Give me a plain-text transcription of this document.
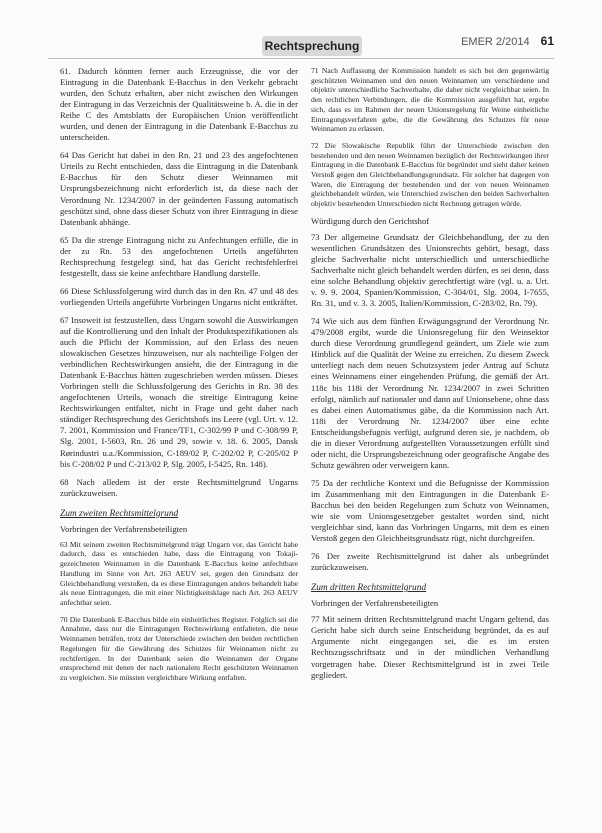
Rechtsprechung	EMER 2/2014 61

61. Dadurch könnten ferner auch Erzeugnisse, die vor der Eintragung in die Datenbank E-Bacchus in den Verkehr gebracht wurden, den Schutz erhalten, aber nicht zwischen den Wirkungen der Eintragung in das Verzeichnis der Qualitätsweine b. A. die in der Reihe C des Amtsblatts der Europäischen Union veröffentlicht wurden, und denen der Eintragung in die Datenbank E-Bacchus zu unterscheiden.

64 Das Gericht hat dabei in den Rn. 21 und 23 des angefochtenen Urteils zu Recht entschieden, dass die Eintragung in die Datenbank E-Bacchus für den Schutz dieser Weinnamen mit Ursprungsbezeichnung nicht erforderlich ist, da diese nach der Verordnung Nr. 1234/2007 in der geänderten Fassung automatisch geschützt sind, ohne dass dieser Schutz von ihrer Eintragung in diese Datenbank abhänge.

65 Da die strenge Eintragung nicht zu Anfechtungen erfülle, die in der zu Rn. 53 des angefochtenen Urteils angeführten Rechtsprechung festgelegt sind, hat das Gericht rechtsfehlerfrei festgestellt, dass sie keine anfechtbare Handlung darstelle.

66 Diese Schlussfolgerung wird durch das in den Rn. 47 und 48 des vorliegenden Urteils angeführte Vorbringen Ungarns nicht entkräftet.

67 Insoweit ist festzustellen, dass Ungarn sowohl die Auswirkungen auf die Kontrollierung und den Inhalt der Produktspezifikationen als auch die Pflicht der Kommission, auf den Erlass des neuen slowakischen Gesetzes hinzuweisen, nur als nachteilige Folgen der verbindlichen Rechtswirkungen ansieht, die der Eintragung in die Datenbank E-Bacchus hätten zugeschrieben werden müssen. Dieses Vorbringen stellt die Schlussfolgerung des Gerichts in Rn. 38 des angefochtenen Urteils, wonach die streitige Eintragung keine Rechtswirkungen entfaltet, nicht in Frage und geht daher nach ständiger Rechtsprechung des Gerichtshofs ins Leere (vgl. Urt. v. 12. 7. 2001, Kommission und France/TF1, C-302/99 P und C-308/99 P, Slg. 2001, I-5603, Rn. 26 und 29, sowie v. 18. 6. 2005, Dansk Rørindustri u.a./Kommission, C-189/02 P, C-202/02 P, C-205/02 P bis C-208/02 P und C-213/02 P, Slg. 2005, I-5425, Rn. 148).

68 Nach alledem ist der erste Rechtsmittelgrund Ungarns zurückzuweisen.

Zum zweiten Rechtsmittelgrund
Vorbringen der Verfahrensbeteiligten

63 Mit seinem zweiten Rechtsmittelgrund trägt Ungarn vor, das Gericht habe dadurch, dass es entschieden habe, dass die Eintragung von Tokaji-gezeichneten Weinnamen in die Datenbank E-Bacchus keine anfechtbare Handlung im Sinne von Art. 263 AEUV sei, gegen den Grundsatz der Gleichbehandlung verstoßen, da es diese Eintragungen anders behandelt habe als neue Eintragungen, die mit einer Nichtigkeitsklage nach Art. 263 AEUV anfechtbar seien.

70 Die Datenbank E-Bacchus bilde ein einheitliches Register. Folglich sei die Annahme, dass nur die Eintragungen Rechtswirkung entfalteten, die neue Weinnamen beträfen, trotz der Unterschiede zwischen den beiden rechtlichen Regelungen für die Gewährung des Schutzes für Weinnamen nicht zu rechtfertigen. In der Datenbank seien die Weinnamen der Organe entsprechend mit denen der nach nationalem Recht geschützten Weinnamen zu vergleichen. Sie müssten vergleichbare Wirkung entfalten.

71 Nach Auffassung der Kommission handelt es sich bei den gegenwärtig geschützten Weinnamen und den neuen Weinnamen um verschiedene und objektiv unterschiedliche Sachverhalte, die daher nicht vergleichbar seien. In den rechtlichen Verbindungen, die die Kommission ausgeführt hat, ergebe sich, dass es im Rahmen der neuen Unionsregelung für Weine einheitliche Eintragungsverfahren gebe, die die Gewährung des Schutzes für neue Weinnamen zu erlassen.

72 Die Slowakische Republik führt der Unterschiede zwischen den bestehenden und den neuen Weinnamen bezüglich der Rechtswirkungen ihrer Eintragung in die Datenbank E-Bacchus für begründet und sieht daher keinen Verstoß gegen den Gleichbehandlungsgrundsatz. Für solcher hat dagegen von Waren, die Eintragung der bestehenden und der von neuen Weinnamen gleichbehandelt würden, wie Unterschied zwischen den beiden Sachverhalten objektiv bestehenden Unterschieden nicht Rechnung getragen würde.

Würdigung durch den Gerichtshof

73 Der allgemeine Grundsatz der Gleichbehandlung, der zu den wesentlichen Grundsätzen des Unionsrechts gehört, besagt, dass gleiche Sachverhalte nicht unterschiedlich und unterschiedliche Sachverhalte nicht gleich behandelt werden dürfen, es sei denn, dass eine solche Behandlung objektiv gerechtfertigt wäre (vgl. u. a. Urt. v. 9. 9. 2004, Spanien/Kommission, C-304/01, Slg. 2004, I-7655, Rn. 31, und v. 3. 3. 2005, Italien/Kommission, C-283/02, Rn. 79).

74 Wie sich aus dem fünften Erwägungsgrund der Verordnung Nr. 479/2008 ergibt, wurde die Unionsregelung für den Weinsektor durch diese Verordnung grundlegend geändert, um Ziele wie zum Hinblick auf die Qualität der Weine zu erreichen. Zu diesem Zweck unterliegt nach dem neuen Schutzsystem jeder Antrag auf Schutz eines Weinnamens einer eingehenden Prüfung, die gemäß der Art. 118c bis 118i der Verordnung Nr. 1234/2007 in zwei Schritten erfolgt, nämlich auf nationaler und dann auf Unionsebene, ohne dass es dabei einen Automatismus gäbe, da die Kommission nach Art. 118i der Verordnung Nr. 1234/2007 über eine echte Entscheidungsbefugnis verfügt, aufgrund deren sie, je nachdem, ob die in dieser Verordnung aufgestellten Voraussetzungen erfüllt sind oder nicht, die Ursprungsbezeichnung oder geografische Angabe des Schutz gewähren oder verweigern kann.

75 Da der rechtliche Kontext und die Befugnisse der Kommission im Zusammenhang mit den Eintragungen in die Datenbank E-Bacchus bei den beiden Regelungen zum Schutz von Weinnamen, wie sie vom Unionsgesetzgeber gestaltet worden sind, nicht vergleichbar sind, kann das Vorbringen Ungarns, mit dem es einen Verstoß gegen den Gleichheitsgrundsatz rügt, nicht durchgreifen.

76 Der zweite Rechtsmittelgrund ist daher als unbegründet zurückzuweisen.

Zum dritten Rechtsmittelgrund
Vorbringen der Verfahrensbeteiligten

77 Mit seinem dritten Rechtsmittelgrund macht Ungarn geltend, das Gericht habe sich durch seine Entscheidung begründet, da es auf Argumente nicht eingegangen sei, die es im ersten Rechtszugsschriftsatz und in der mündlichen Verhandlung vorgetragen habe. Dieser Rechtsmittelgrund ist in zwei Teile gegliedert.
